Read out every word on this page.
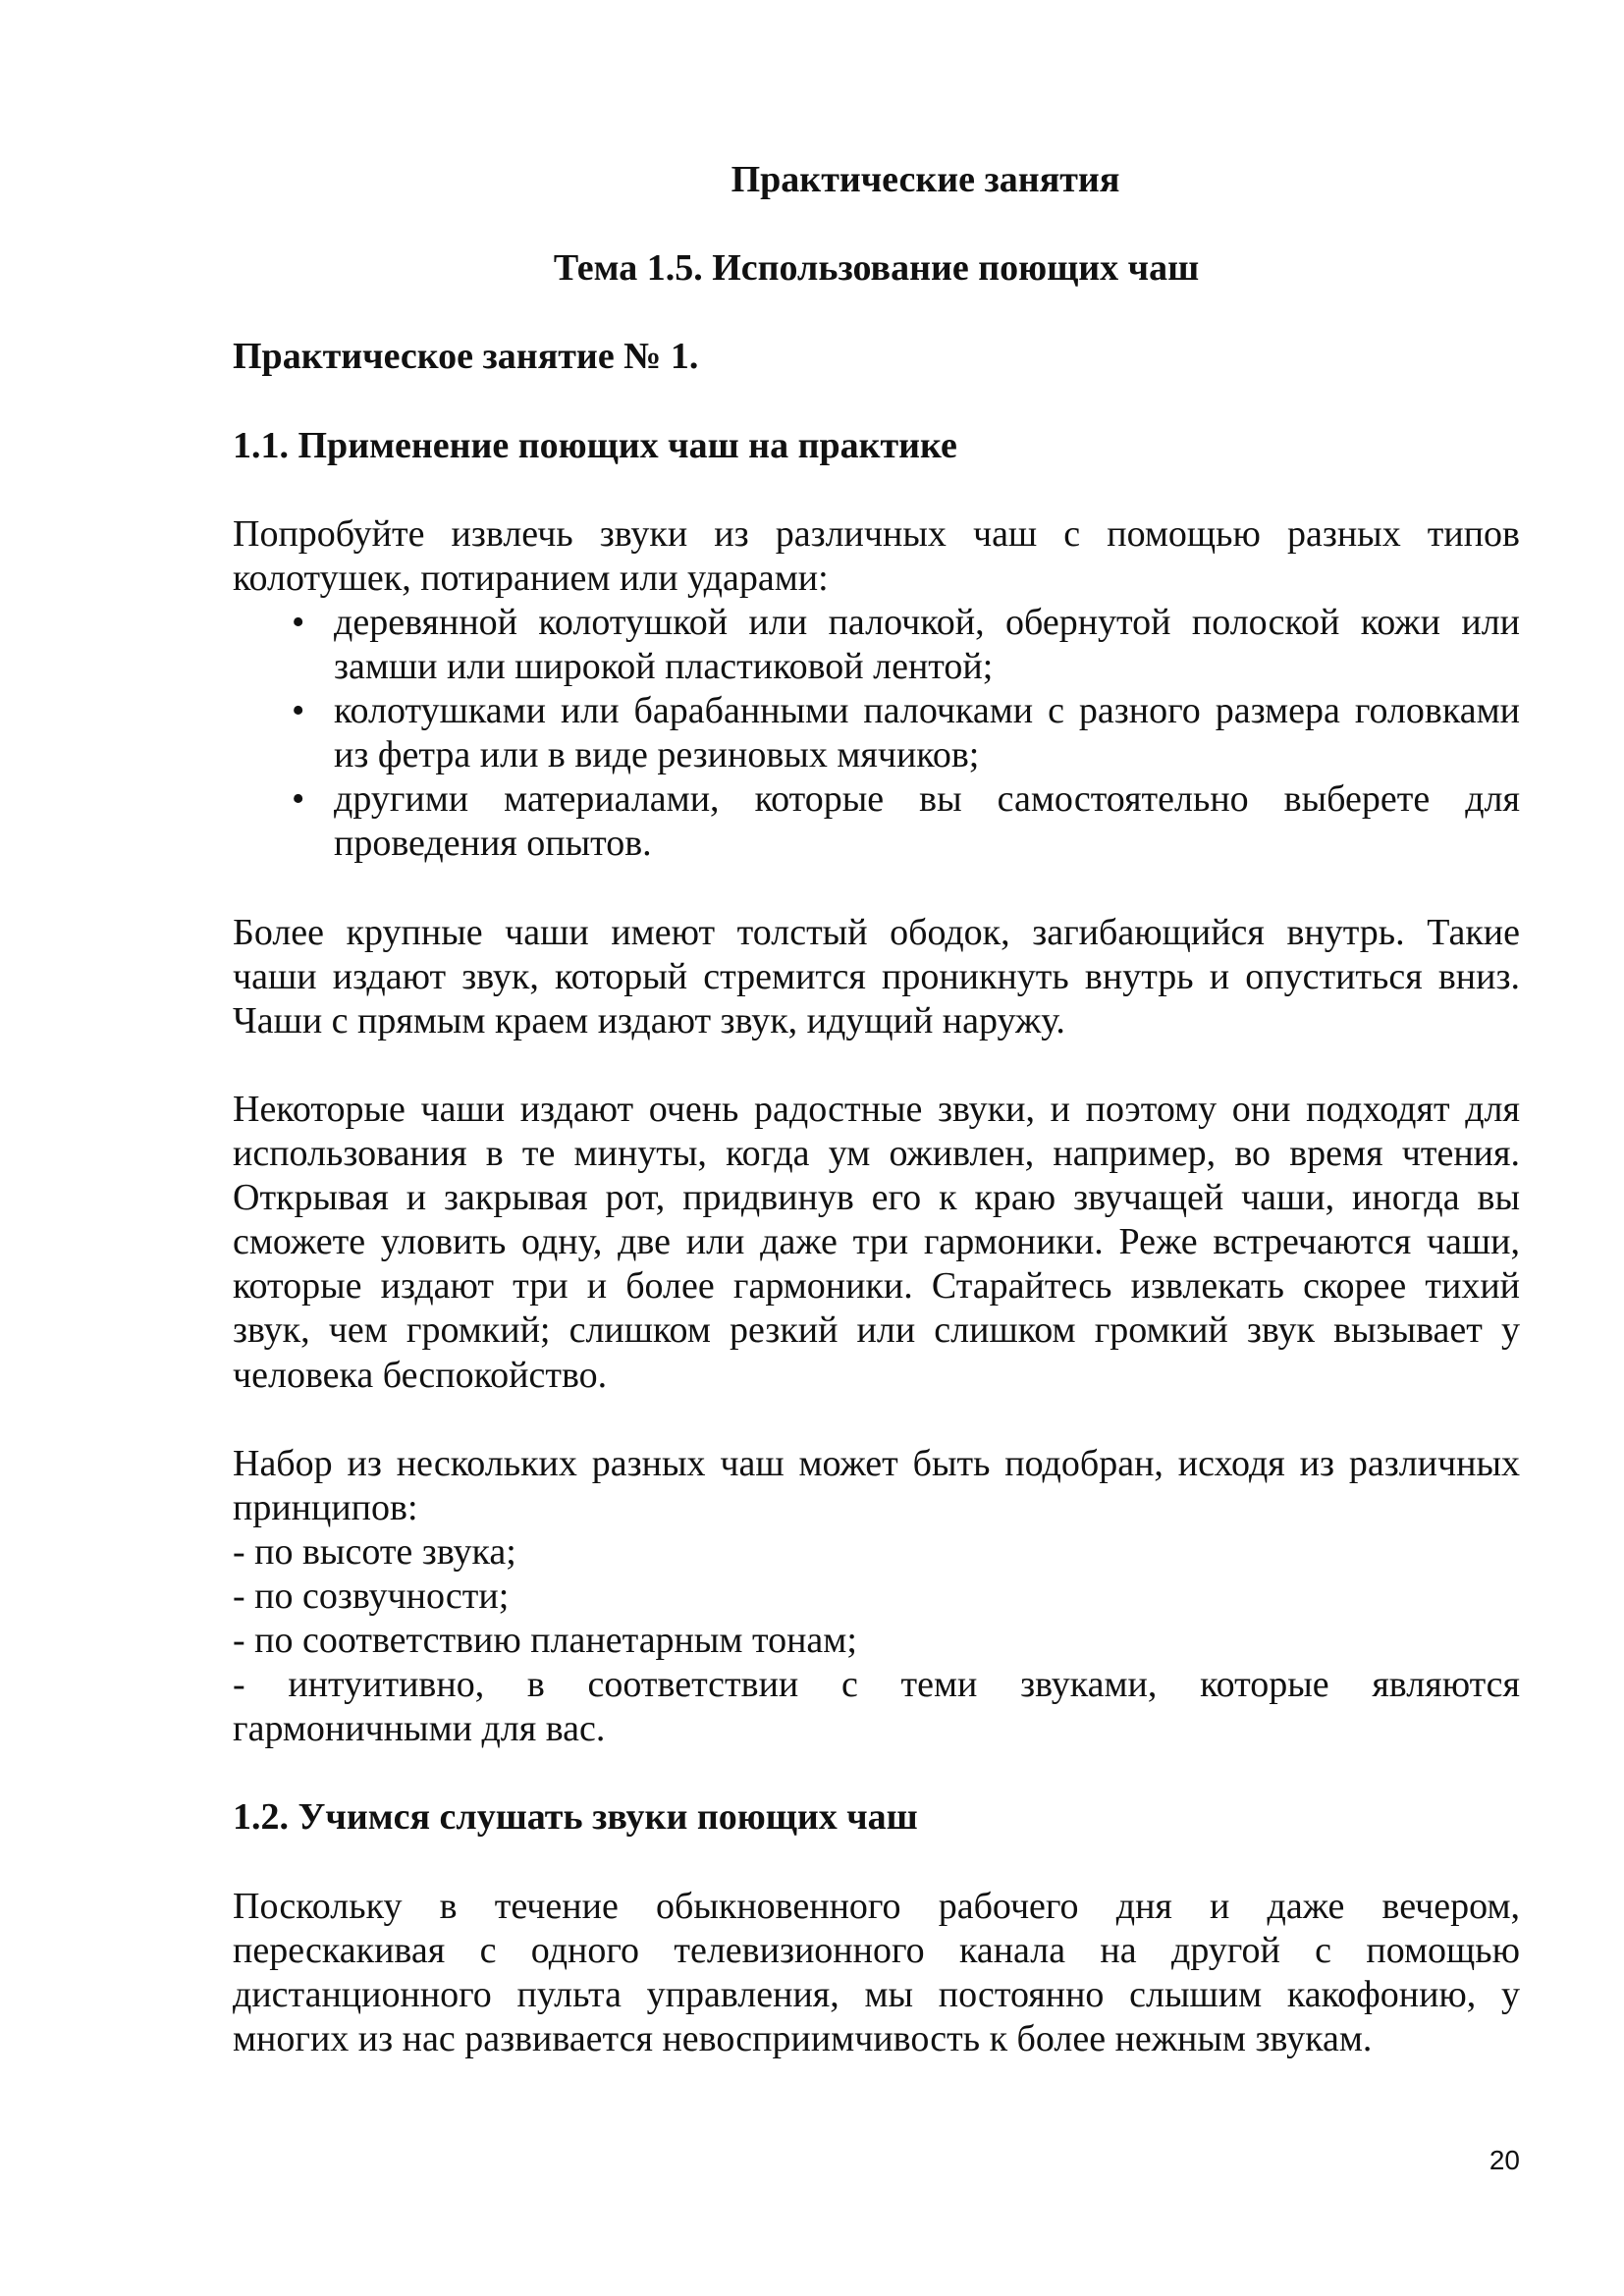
Практические занятия
Тема 1.5. Использование поющих чаш
Практическое занятие № 1.
1.1. Применение поющих чаш на практике
Попробуйте извлечь звуки из различных чаш с помощью разных типов
колотушек, потиранием или ударами:
• деревянной колотушкой или палочкой, обернутой полоской кожи или
замши или широкой пластиковой лентой;
• колотушками или барабанными палочками с разного размера головками
из фетра или в виде резиновых мячиков;
• другими материалами, которые вы самостоятельно выберете для
проведения опытов.
Более крупные чаши имеют толстый ободок, загибающийся внутрь. Такие
чаши издают звук, который стремится проникнуть внутрь и опуститься вниз.
Чаши с прямым краем издают звук, идущий наружу.
Некоторые чаши издают очень радостные звуки, и поэтому они подходят для
использования в те минуты, когда ум оживлен, например, во время чтения.
Открывая и закрывая рот, придвинув его к краю звучащей чаши, иногда вы
сможете уловить одну, две или даже три гармоники. Реже встречаются чаши,
которые издают три и более гармоники. Старайтесь извлекать скорее тихий
звук, чем громкий; слишком резкий или слишком громкий звук вызывает у
человека беспокойство.
Набор из нескольких разных чаш может быть подобран, исходя из различных
принципов:
- по высоте звука;
- по созвучности;
- по соответствию планетарным тонам;
- интуитивно, в соответствии с теми звуками, которые являются
гармоничными для вас.
1.2. Учимся слушать звуки поющих чаш
Поскольку в течение обыкновенного рабочего дня и даже вечером,
перескакивая с одного телевизионного канала на другой с помощью
дистанционного пульта управления, мы постоянно слышим какофонию, у
многих из нас развивается невосприимчивость к более нежным звукам.
20
